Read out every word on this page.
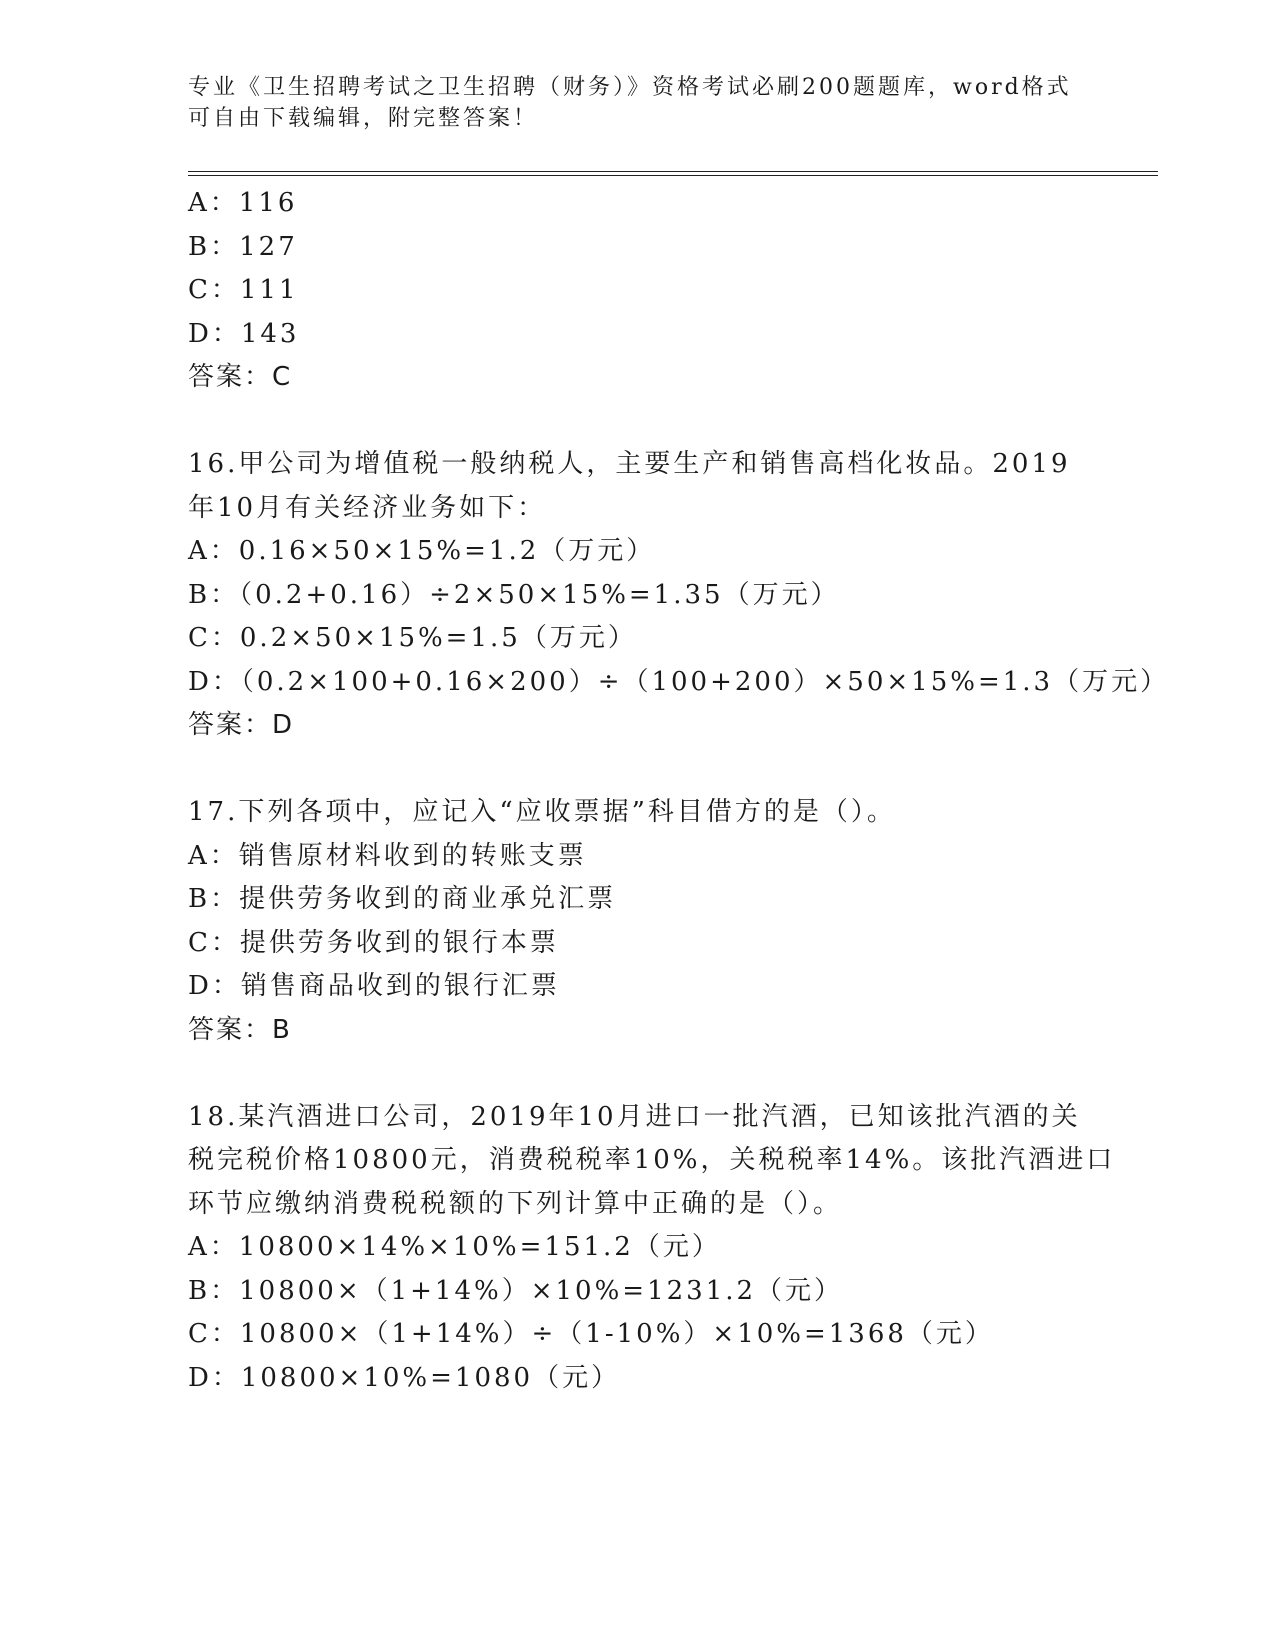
专业《卫生招聘考试之卫生招聘（财务）》资格考试必刷200题题库，word格式
可自由下载编辑，附完整答案！
A：116
B：127
C：111
D：143
答案：C
16.甲公司为增值税一般纳税人，主要生产和销售高档化妆品。2019
年10月有关经济业务如下：
A：0.16×50×15%=1.2（万元）
B：（0.2+0.16）÷2×50×15%=1.35（万元）
C：0.2×50×15%=1.5（万元）
D：（0.2×100+0.16×200）÷（100+200）×50×15%=1.3（万元）
答案：D
17.下列各项中，应记入“应收票据”科目借方的是（）。
A：销售原材料收到的转账支票
B：提供劳务收到的商业承兑汇票
C：提供劳务收到的银行本票
D：销售商品收到的银行汇票
答案：B
18.某汽酒进口公司，2019年10月进口一批汽酒，已知该批汽酒的关
税完税价格10800元，消费税税率10%，关税税率14%。该批汽酒进口
环节应缴纳消费税税额的下列计算中正确的是（）。
A：10800×14%×10%=151.2（元）
B：10800×（1+14%）×10%=1231.2（元）
C：10800×（1+14%）÷（1-10%）×10%=1368（元）
D：10800×10%=1080（元）
